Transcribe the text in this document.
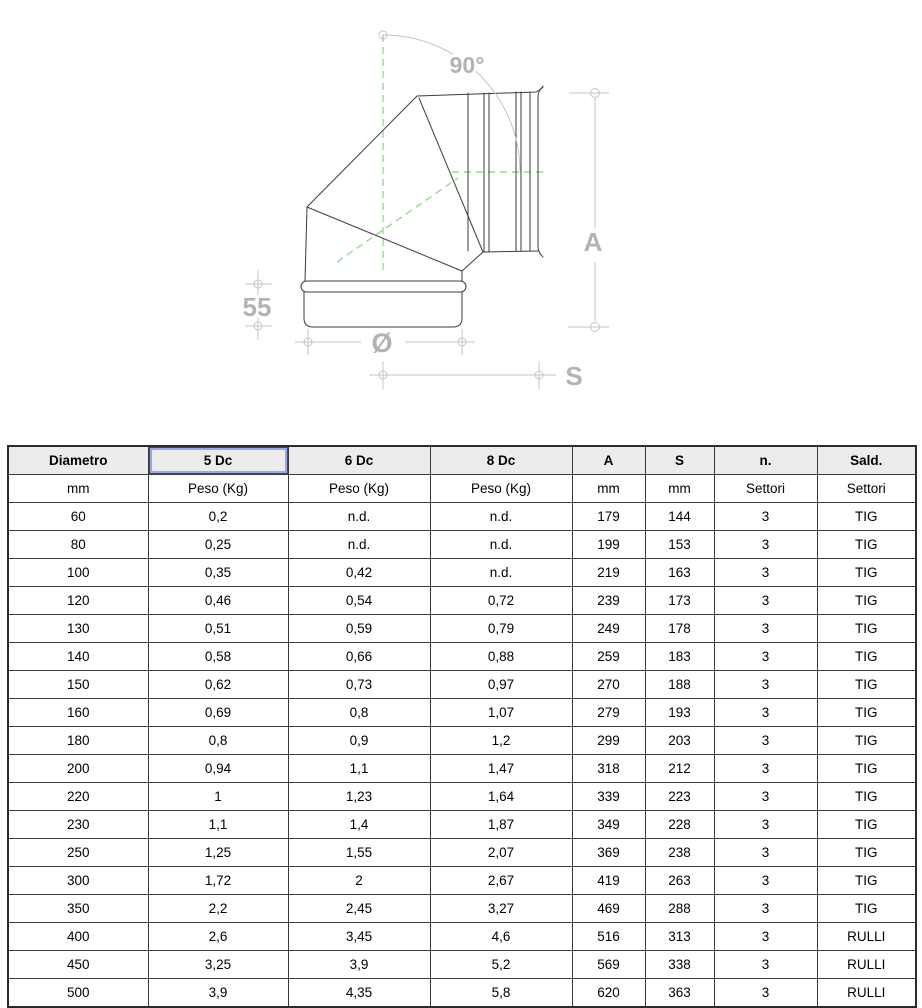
90°
A
S
55
Ø
Diametro	5 Dc	6 Dc	8 Dc	A	S	n.	Sald.
mm	Peso (Kg)	Peso (Kg)	Peso (Kg)	mm	mm	Settori	Settori
60	0,2	n.d.	n.d.	179	144	3	TIG
80	0,25	n.d.	n.d.	199	153	3	TIG
100	0,35	0,42	n.d.	219	163	3	TIG
120	0,46	0,54	0,72	239	173	3	TIG
130	0,51	0,59	0,79	249	178	3	TIG
140	0,58	0,66	0,88	259	183	3	TIG
150	0,62	0,73	0,97	270	188	3	TIG
160	0,69	0,8	1,07	279	193	3	TIG
180	0,8	0,9	1,2	299	203	3	TIG
200	0,94	1,1	1,47	318	212	3	TIG
220	1	1,23	1,64	339	223	3	TIG
230	1,1	1,4	1,87	349	228	3	TIG
250	1,25	1,55	2,07	369	238	3	TIG
300	1,72	2	2,67	419	263	3	TIG
350	2,2	2,45	3,27	469	288	3	TIG
400	2,6	3,45	4,6	516	313	3	RULLI
450	3,25	3,9	5,2	569	338	3	RULLI
500	3,9	4,35	5,8	620	363	3	RULLI
